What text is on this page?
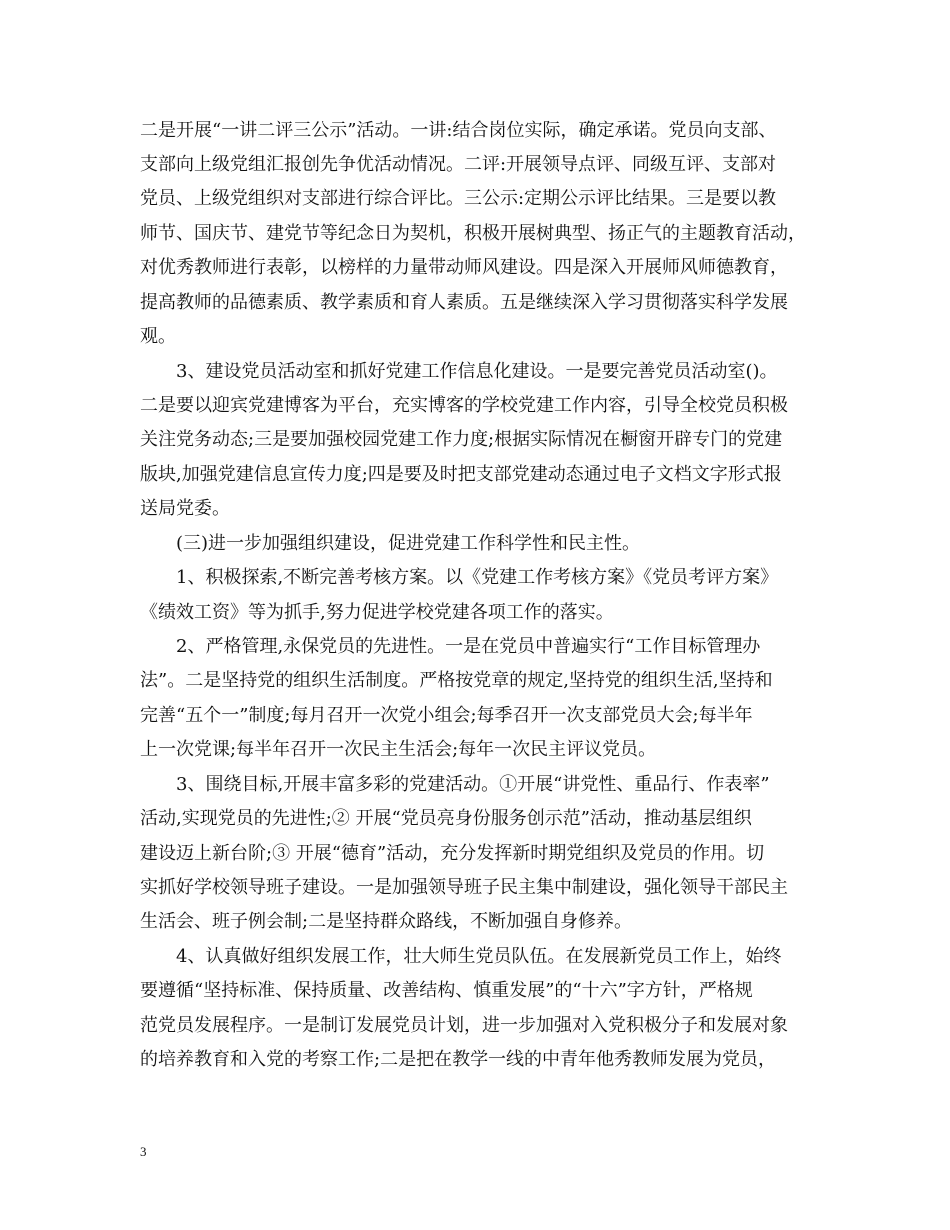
二是开展“一讲二评三公示”活动。一讲:结合岗位实际，确定承诺。党员向支部、
支部向上级党组汇报创先争优活动情况。二评:开展领导点评、同级互评、支部对
党员、上级党组织对支部进行综合评比。三公示:定期公示评比结果。三是要以教
师节、国庆节、建党节等纪念日为契机，积极开展树典型、扬正气的主题教育活动，
对优秀教师进行表彰，以榜样的力量带动师风建设。四是深入开展师风师德教育，
提高教师的品德素质、教学素质和育人素质。五是继续深入学习贯彻落实科学发展
观。
3、建设党员活动室和抓好党建工作信息化建设。一是要完善党员活动室()。
二是要以迎宾党建博客为平台，充实博客的学校党建工作内容，引导全校党员积极
关注党务动态;三是要加强校园党建工作力度;根据实际情况在橱窗开辟专门的党建
版块,加强党建信息宣传力度;四是要及时把支部党建动态通过电子文档文字形式报
送局党委。
(三)进一步加强组织建设，促进党建工作科学性和民主性。
1、积极探索,不断完善考核方案。以《党建工作考核方案》《党员考评方案》
《绩效工资》等为抓手,努力促进学校党建各项工作的落实。
2、严格管理,永保党员的先进性。一是在党员中普遍实行“工作目标管理办
法”。二是坚持党的组织生活制度。严格按党章的规定,坚持党的组织生活,坚持和
完善“五个一”制度;每月召开一次党小组会;每季召开一次支部党员大会;每半年
上一次党课;每半年召开一次民主生活会;每年一次民主评议党员。
3、围绕目标,开展丰富多彩的党建活动。①开展“讲党性、重品行、作表率”
活动,实现党员的先进性;② 开展“党员亮身份服务创示范”活动，推动基层组织
建设迈上新台阶;③ 开展“德育”活动，充分发挥新时期党组织及党员的作用。切
实抓好学校领导班子建设。一是加强领导班子民主集中制建设，强化领导干部民主
生活会、班子例会制;二是坚持群众路线，不断加强自身修养。
4、认真做好组织发展工作，壮大师生党员队伍。在发展新党员工作上，始终
要遵循“坚持标准、保持质量、改善结构、慎重发展”的“十六”字方针，严格规
范党员发展程序。一是制订发展党员计划，进一步加强对入党积极分子和发展对象
的培养教育和入党的考察工作;二是把在教学一线的中青年他秀教师发展为党员，
3
